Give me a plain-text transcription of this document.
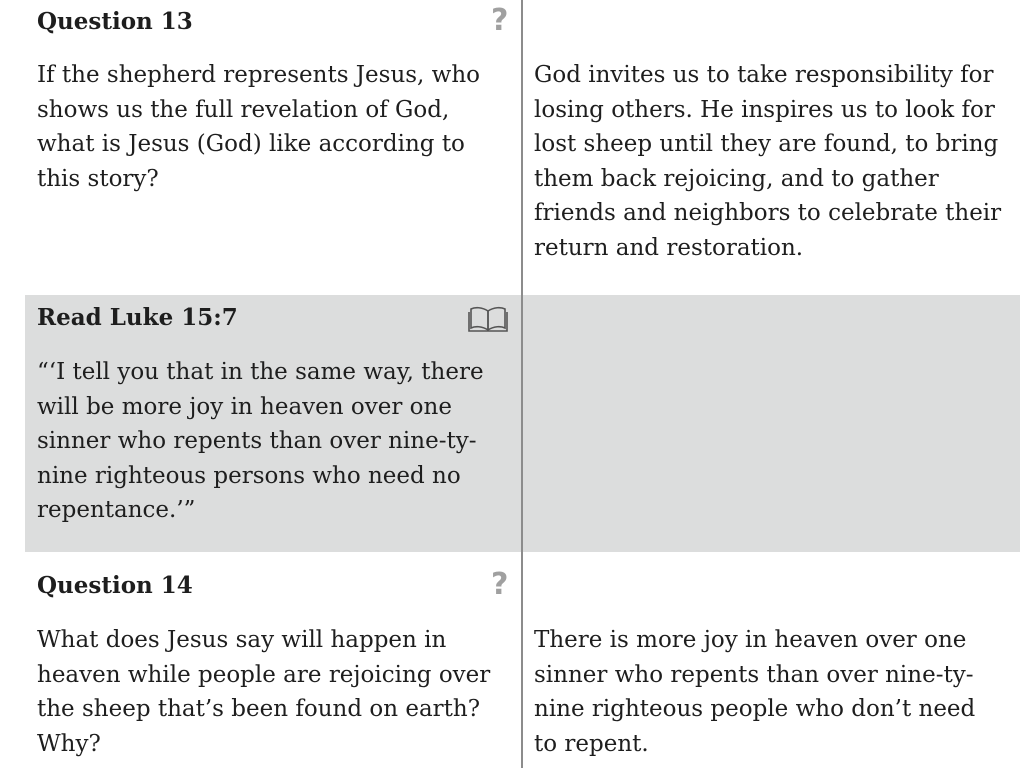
Question 13	?
If the shepherd represents Jesus, who shows us the full revelation of God, what is Jesus (God) like according to this story?
God invites us to take responsibility for losing others. He inspires us to look for lost sheep until they are found, to bring them back rejoicing, and to gather friends and neighbors to celebrate their return and restoration.
Read Luke 15:7
“‘I tell you that in the same way, there will be more joy in heaven over one sinner who repents than over nine-ty-nine righteous persons who need no repentance.’”
Question 14	?
What does Jesus say will happen in heaven while people are rejoicing over the sheep that’s been found on earth? Why?
There is more joy in heaven over one sinner who repents than over nine-ty-nine righteous people who don’t need to repent.
